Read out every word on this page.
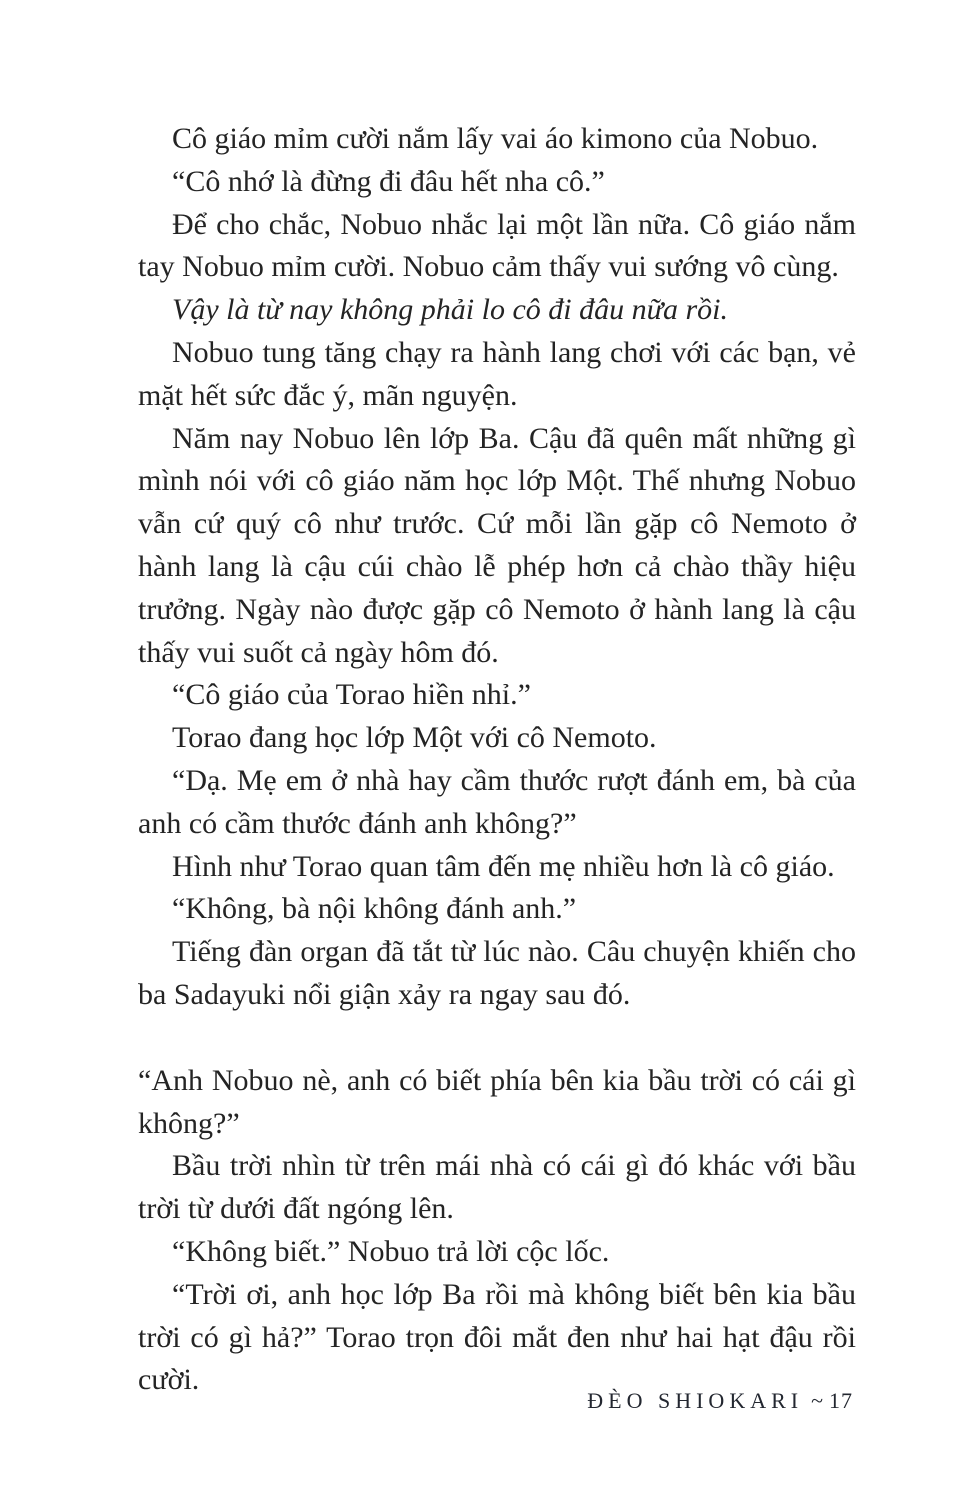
Cô giáo mỉm cười nắm lấy vai áo kimono của Nobuo.

“Cô nhớ là đừng đi đâu hết nha cô.”

Để cho chắc, Nobuo nhắc lại một lần nữa. Cô giáo nắm tay Nobuo mỉm cười. Nobuo cảm thấy vui sướng vô cùng.

Vậy là từ nay không phải lo cô đi đâu nữa rồi.

Nobuo tung tăng chạy ra hành lang chơi với các bạn, vẻ mặt hết sức đắc ý, mãn nguyện.

Năm nay Nobuo lên lớp Ba. Cậu đã quên mất những gì mình nói với cô giáo năm học lớp Một. Thế nhưng Nobuo vẫn cứ quý cô như trước. Cứ mỗi lần gặp cô Nemoto ở hành lang là cậu cúi chào lễ phép hơn cả chào thầy hiệu trưởng. Ngày nào được gặp cô Nemoto ở hành lang là cậu thấy vui suốt cả ngày hôm đó.

“Cô giáo của Torao hiền nhỉ.”

Torao đang học lớp Một với cô Nemoto.

“Dạ. Mẹ em ở nhà hay cầm thước rượt đánh em, bà của anh có cầm thước đánh anh không?”

Hình như Torao quan tâm đến mẹ nhiều hơn là cô giáo.

“Không, bà nội không đánh anh.”

Tiếng đàn organ đã tắt từ lúc nào. Câu chuyện khiến cho ba Sadayuki nổi giận xảy ra ngay sau đó.

“Anh Nobuo nè, anh có biết phía bên kia bầu trời có cái gì không?”

Bầu trời nhìn từ trên mái nhà có cái gì đó khác với bầu trời từ dưới đất ngóng lên.

“Không biết.” Nobuo trả lời cộc lốc.

“Trời ơi, anh học lớp Ba rồi mà không biết bên kia bầu trời có gì hả?” Torao trọn đôi mắt đen như hai hạt đậu rồi cười.

ĐÈO SHIOKARI ~ 17
